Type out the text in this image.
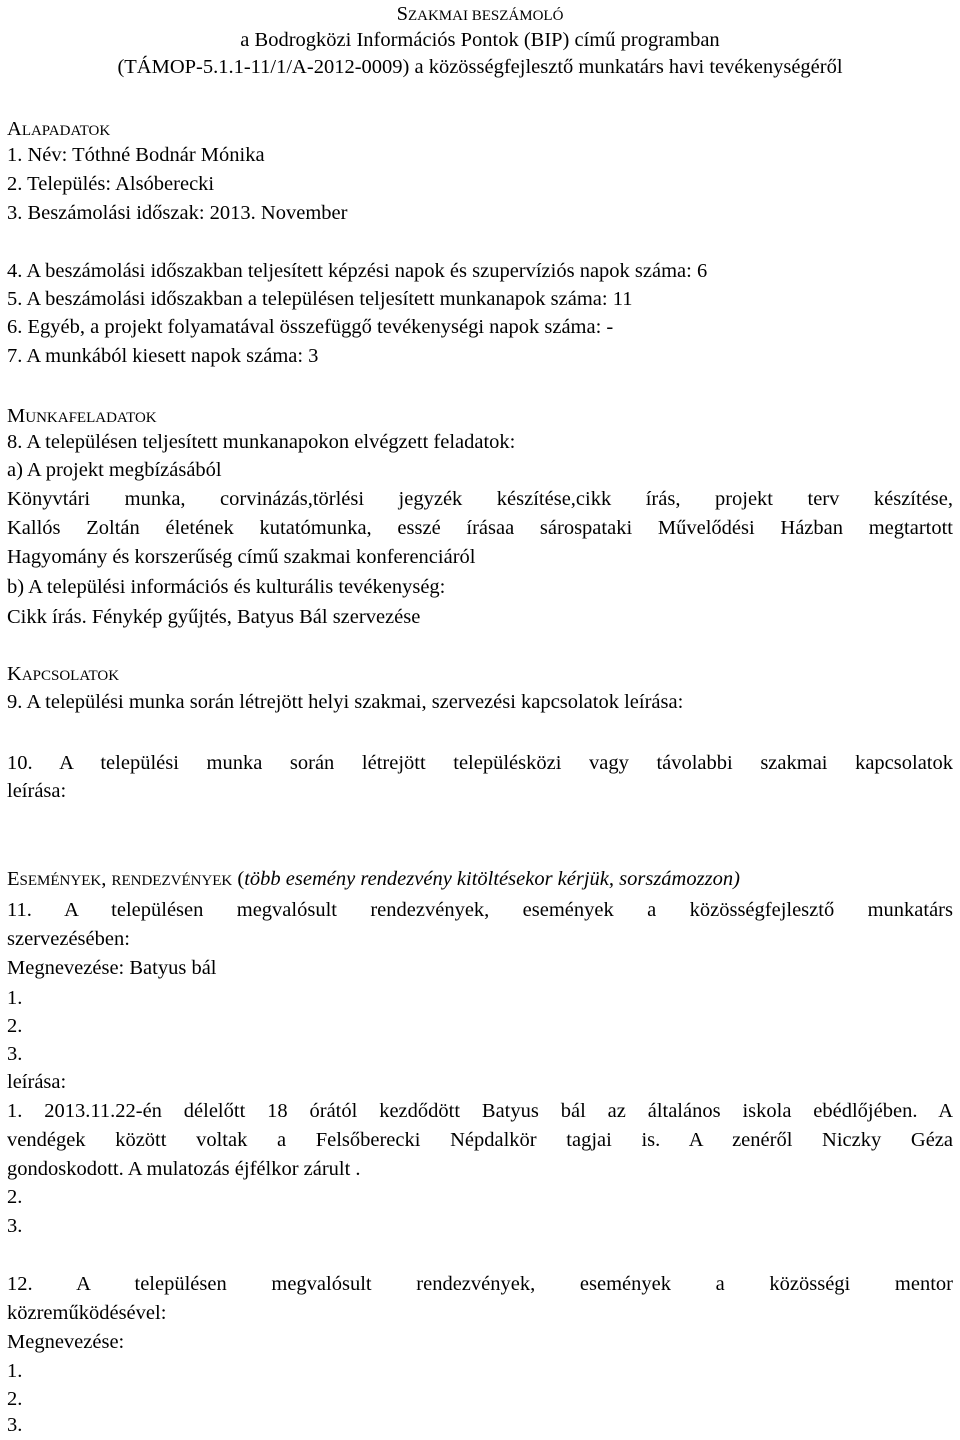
SZAKMAI BESZÁMOLÓ
a Bodrogközi Információs Pontok (BIP) című programban
(TÁMOP-5.1.1-11/1/A-2012-0009) a közösségfejlesztő munkatárs havi tevékenységéről
ALAPADATOK
1. Név: Tóthné Bodnár Mónika
2. Település: Alsóberecki
3. Beszámolási időszak: 2013. November
4. A beszámolási időszakban teljesített képzési napok és szupervíziós napok száma: 6
5. A beszámolási időszakban a településen teljesített munkanapok száma: 11
6. Egyéb, a projekt folyamatával összefüggő tevékenységi napok száma: -
7. A munkából kiesett napok száma: 3
MUNKAFELADATOK
8. A településen teljesített munkanapokon elvégzett feladatok:
a) A projekt megbízásából
Könyvtári munka, corvinázás,törlési jegyzék készítése,cikk írás, projekt terv készítése,
Kallós Zoltán életének kutatómunka, esszé írásaa sárospataki Művelődési Házban megtartott
Hagyomány és korszerűség című szakmai konferenciáról
b) A települési információs és kulturális tevékenység:
Cikk írás. Fénykép gyűjtés, Batyus Bál szervezése
KAPCSOLATOK
9. A települési munka során létrejött helyi szakmai, szervezési kapcsolatok leírása:
10. A települési munka során létrejött településközi vagy távolabbi szakmai kapcsolatok
leírása:
ESEMÉNYEK, RENDEZVÉNYEK (több esemény rendezvény kitöltésekor kérjük, sorszámozzon)
11. A településen megvalósult rendezvények, események a közösségfejlesztő munkatárs
szervezésében:
Megnevezése: Batyus bál
1.
2.
3.
leírása:
1. 2013.11.22-én délelőtt 18 órától kezdődött Batyus bál az általános iskola ebédlőjében. A
vendégek között voltak a Felsőberecki Népdalkör tagjai is. A zenéről Niczky Géza
gondoskodott. A mulatozás éjfélkor zárult .
2.
3.
12. A településen megvalósult rendezvények, események a közösségi mentor
közreműködésével:
Megnevezése:
1.
2.
3.
